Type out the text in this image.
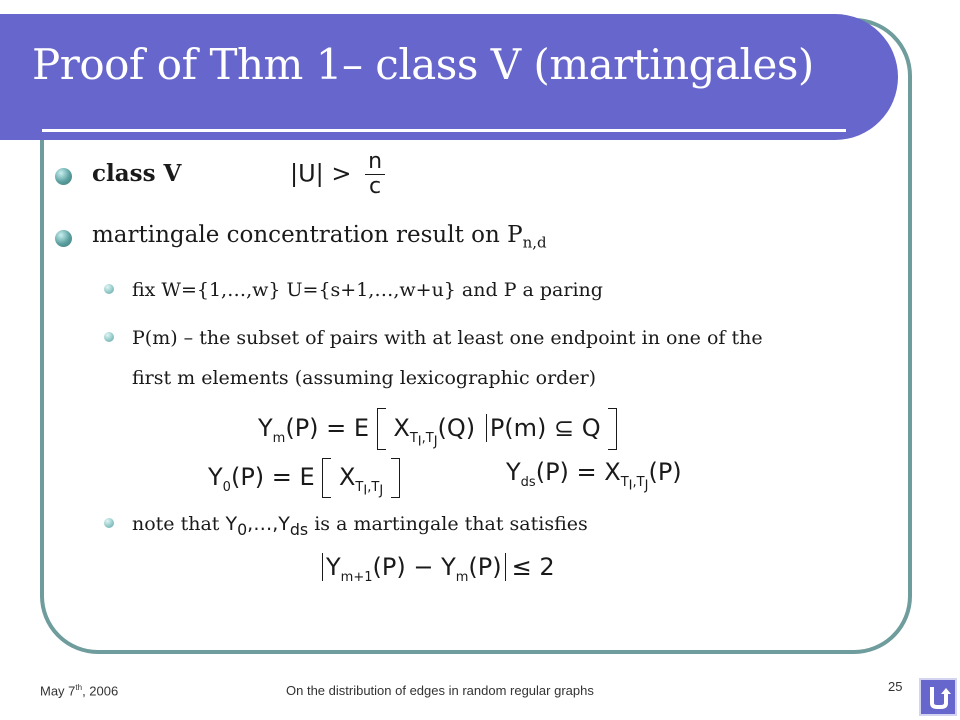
Proof of Thm 1– class V (martingales)
class V	$|U| > \frac{n}{c}$
martingale concentration result on $P_{n,d}$
fix W={1,…,w} U={s+1,…,w+u} and P a paring
P(m) – the subset of pairs with at least one endpoint in one of the
first m elements (assuming lexicographic order)
$Y_m(P) = E$ $X_{T_I,T_J}(Q)$ P(m) ⊆ Q
$Y_0(P) = E$ $X_{T_I,T_J}$
$Y_{ds}(P) = X_{T_I,T_J}(P)$
note that $Y_0,\dots,Y_{ds}$ is a martingale that satisfies
$Y_{m+1}(P) - Y_m(P) \le 2$
May 7th, 2006	On the distribution of edges in random regular graphs	25
